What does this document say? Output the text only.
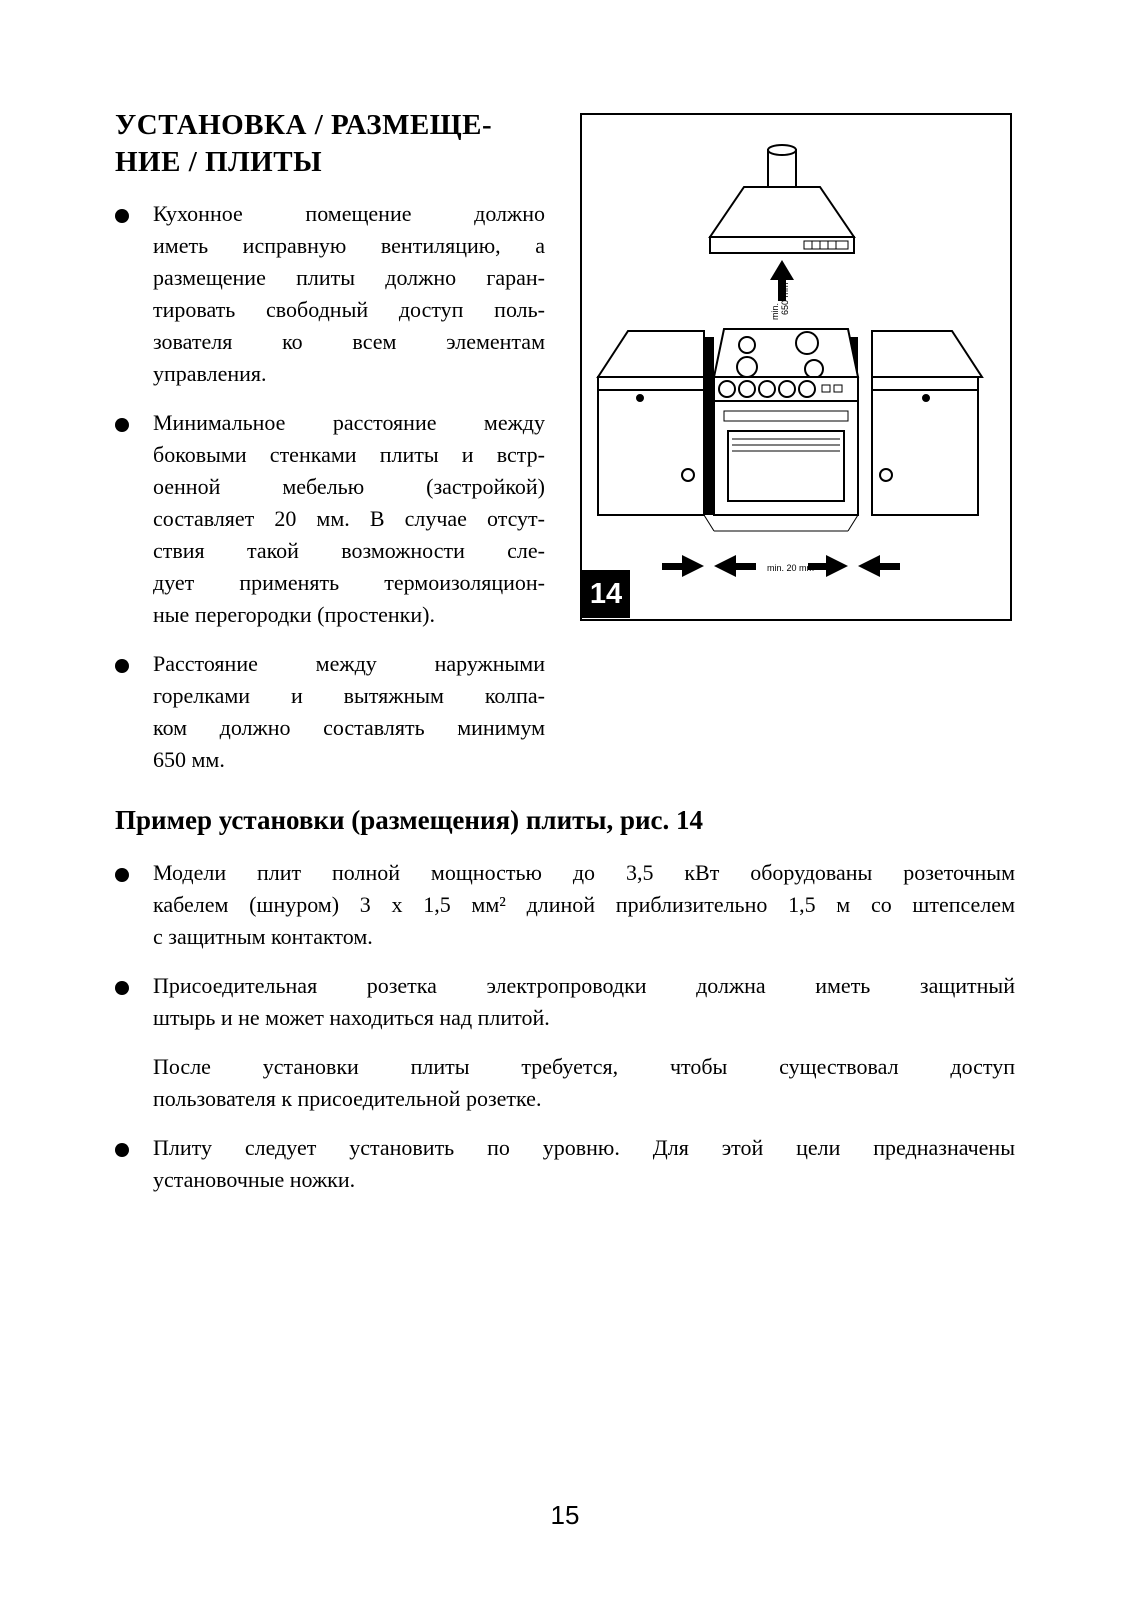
УСТАНОВКА / РАЗМЕЩЕ-
НИЕ / ПЛИТЫ
Кухонное помещение должно
иметь исправную вентиляцию, а
размещение плиты должно гаран-
тировать свободный доступ поль-
зователя ко всем элементам
управления.
Минимальное расстояние между
боковыми стенками плиты и встр-
оенной мебелью (застройкой)
составляет 20 мм. В случае отсут-
ствия такой возможности сле-
дует применять термоизоляцион-
ные перегородки (простенки).
Расстояние между наружными
горелками и вытяжным колпа-
ком должно составлять минимум
650 мм.
min. 650 mm
min. 20 mm
14
Пример установки (размещения) плиты, рис. 14
Модели плит полной мощностью до 3,5 кВт оборудованы розеточным
кабелем (шнуром) 3 x 1,5 мм² длиной приблизительно 1,5 м со штепселем
с защитным контактом.
Присоедительная розетка электропроводки должна иметь защитный
штырь и не может находиться над плитой.
После установки плиты требуется, чтобы существовал доступ
пользователя к присоедительной розетке.
Плиту следует установить по уровню. Для этой цели предназначены
установочные ножки.
15
